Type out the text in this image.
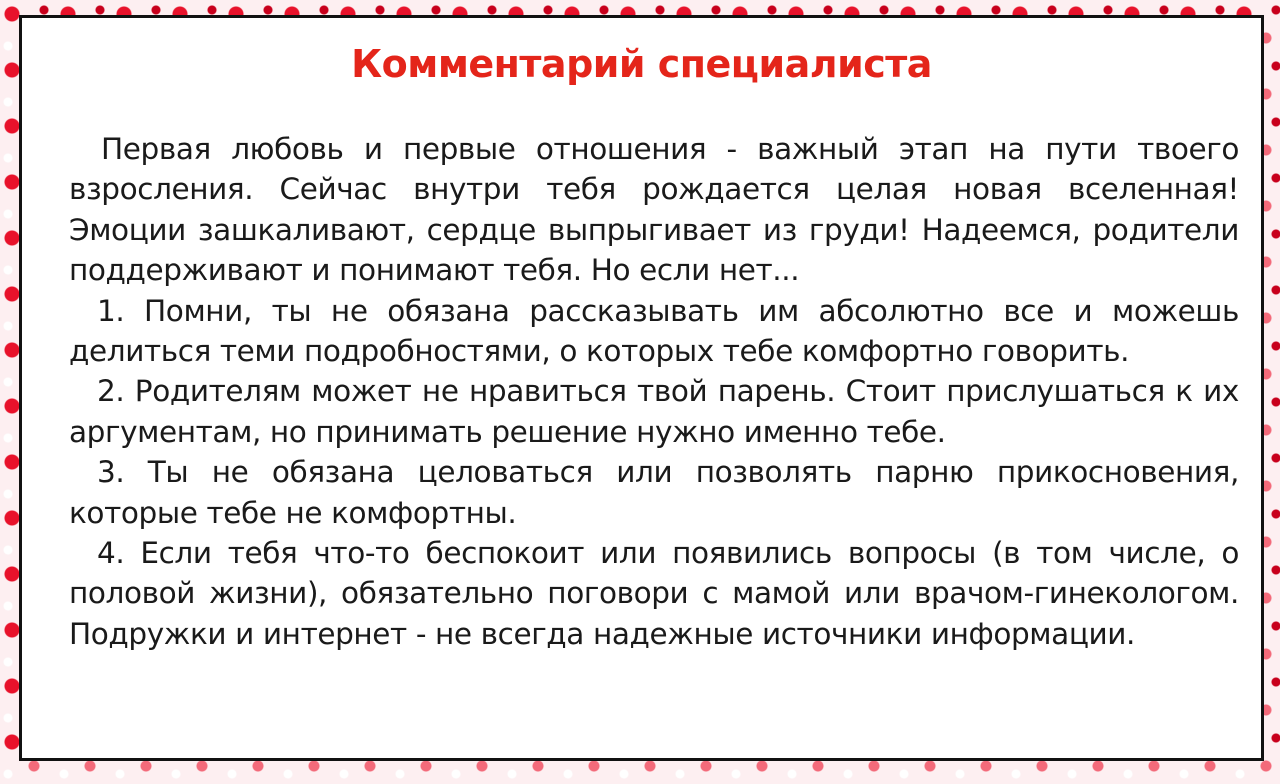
Комментарий специалиста

Первая любовь и первые отношения - важный этап на пути твоего взросления. Сейчас внутри тебя рождается целая новая вселенная! Эмоции зашкаливают, сердце выпрыгивает из груди! Надеемся, родители поддерживают и понимают тебя. Но если нет...

1. Помни, ты не обязана рассказывать им абсолютно все и можешь делиться теми подробностями, о которых тебе комфортно говорить.

2. Родителям может не нравиться твой парень. Стоит прислушаться к их аргументам, но принимать решение нужно именно тебе.

3. Ты не обязана целоваться или позволять парню прикосновения, которые тебе не комфортны.

4. Если тебя что-то беспокоит или появились вопросы (в том числе, о половой жизни), обязательно поговори с мамой или врачом-гинекологом. Подружки и интернет - не всегда надежные источники информации.
